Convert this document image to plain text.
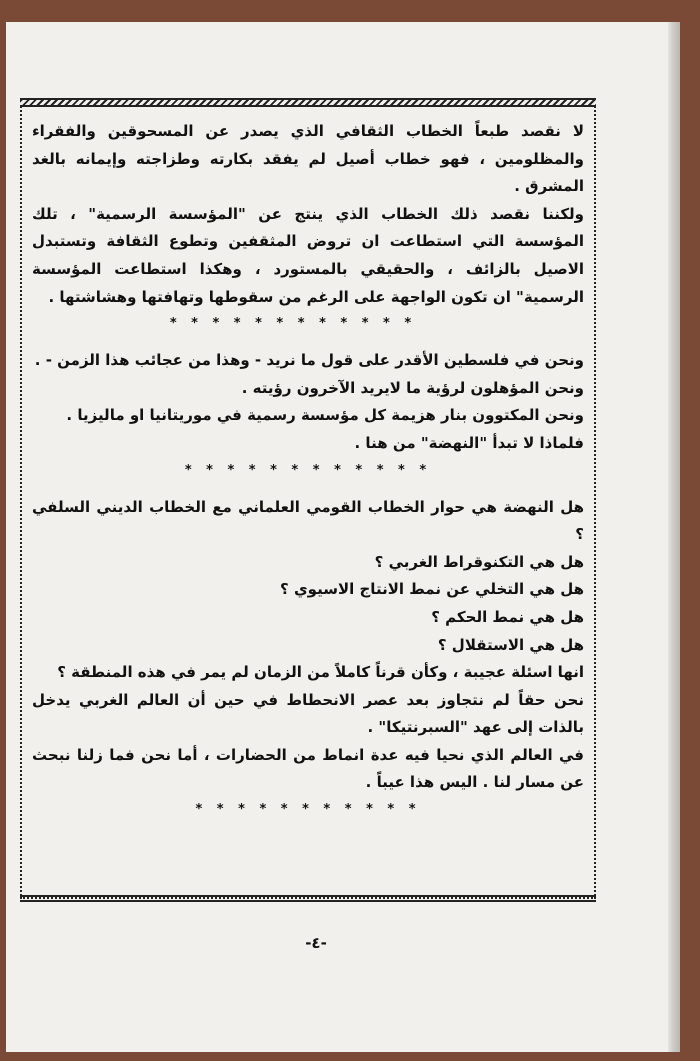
لا نقصد طبعاً الخطاب الثقافي الذي يصدر عن المسحوقين والفقراء والمظلومين ، فهو خطاب أصيل لم يفقد بكارته وطزاجته وإيمانه بالغد المشرق .

ولكننا نقصد ذلك الخطاب الذي ينتج عن "المؤسسة الرسمية" ، تلك المؤسسة التي استطاعت ان تروض المثقفين وتطوع الثقافة وتستبدل الاصيل بالزائف ، والحقيقي بالمستورد ، وهكذا استطاعت المؤسسة الرسمية" ان تكون الواجهة على الرغم من سقوطها وتهافتها وهشاشتها .

* * * * * * * * * * * *

ونحن في فلسطين الأقدر على قول ما نريد - وهذا من عجائب هذا الزمن - .

ونحن المؤهلون لرؤية ما لايريد الآخرون رؤيته .

ونحن المكتوون بنار هزيمة كل مؤسسة رسمية في موريتانيا او ماليزيا .

فلماذا لا تبدأ "النهضة" من هنا .

* * * * * * * * * * * *

هل النهضة هي حوار الخطاب القومي العلماني مع الخطاب الديني السلفي ؟

هل هي التكنوقراط الغربي ؟

هل هي التخلي عن نمط الانتاج الاسيوي ؟

هل هي نمط الحكم ؟

هل هي الاستقلال ؟

انها اسئلة عجيبة ، وكأن قرناً كاملاً من الزمان لم يمر في هذه المنطقة ؟

نحن حقاً لم نتجاوز بعد عصر الانحطاط في حين أن العالم الغربي يدخل بالذات إلى عهد "السبرنتيكا" .

في العالم الذي نحيا فيه عدة انماط من الحضارات ، أما نحن فما زلنا نبحث عن مسار لنا . اليس هذا عيباً .

* * * * * * * * * * *
-٤-
